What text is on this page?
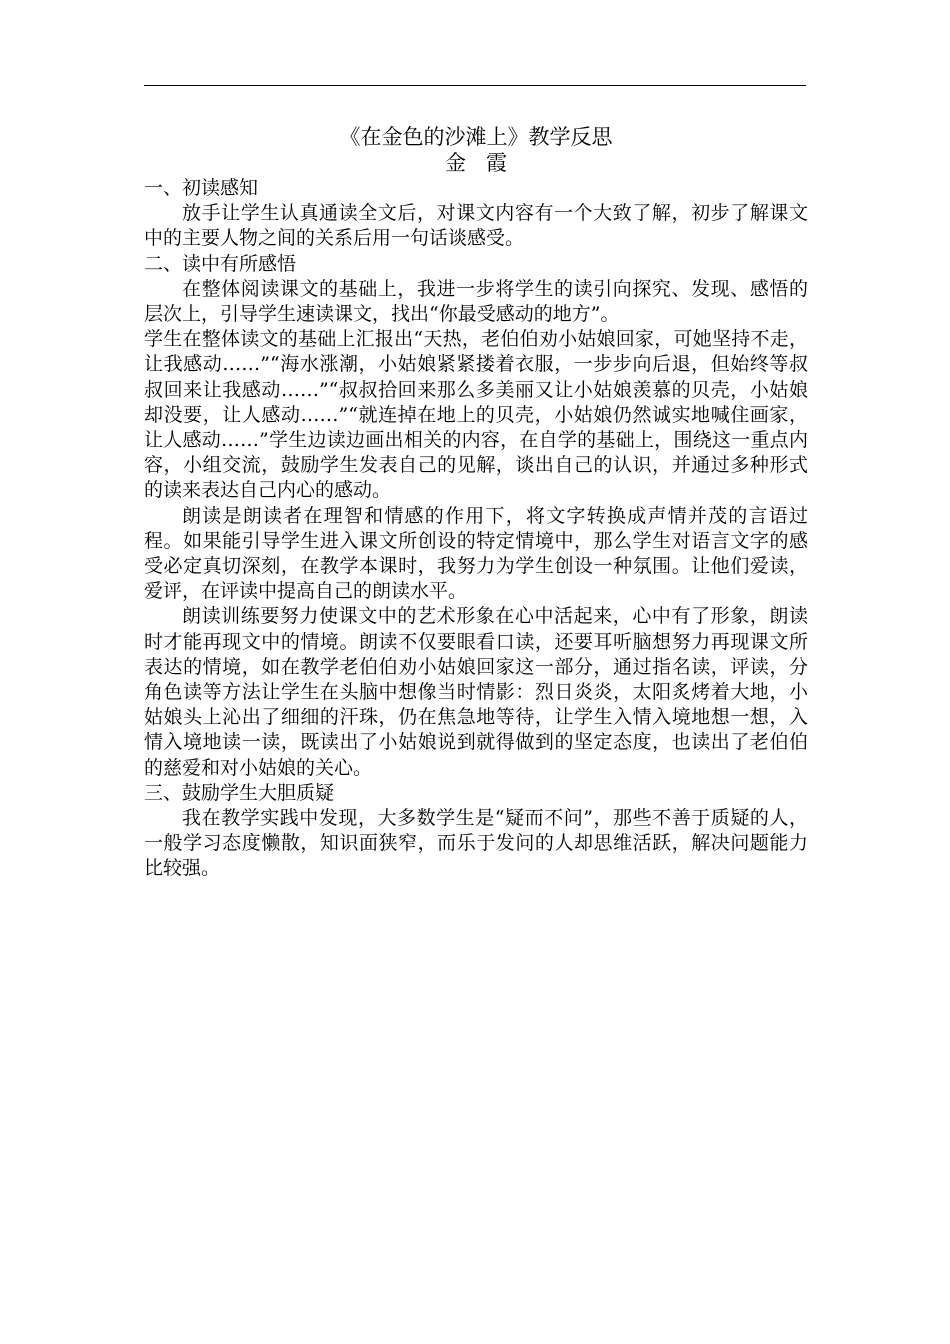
《在金色的沙滩上》教学反思

金霞

一、初读感知

放手让学生认真通读全文后，对课文内容有一个大致了解，初步了解课文中的主要人物之间的关系后用一句话谈感受。

二、读中有所感悟

在整体阅读课文的基础上，我进一步将学生的读引向探究、发现、感悟的层次上，引导学生速读课文，找出“你最受感动的地方”。

学生在整体读文的基础上汇报出“天热，老伯伯劝小姑娘回家，可她坚持不走，让我感动……”“海水涨潮，小姑娘紧紧搂着衣服，一步步向后退，但始终等叔叔回来让我感动……”“叔叔拾回来那么多美丽又让小姑娘羡慕的贝壳，小姑娘却没要，让人感动……”“就连掉在地上的贝壳，小姑娘仍然诚实地喊住画家，让人感动……”学生边读边画出相关的内容，在自学的基础上，围绕这一重点内容，小组交流，鼓励学生发表自己的见解，谈出自己的认识，并通过多种形式的读来表达自己内心的感动。

朗读是朗读者在理智和情感的作用下，将文字转换成声情并茂的言语过程。如果能引导学生进入课文所创设的特定情境中，那么学生对语言文字的感受必定真切深刻，在教学本课时，我努力为学生创设一种氛围。让他们爱读，爱评，在评读中提高自己的朗读水平。

朗读训练要努力使课文中的艺术形象在心中活起来，心中有了形象，朗读时才能再现文中的情境。朗读不仅要眼看口读，还要耳听脑想努力再现课文所表达的情境，如在教学老伯伯劝小姑娘回家这一部分，通过指名读，评读，分角色读等方法让学生在头脑中想像当时情影：烈日炎炎，太阳炙烤着大地，小姑娘头上沁出了细细的汗珠，仍在焦急地等待，让学生入情入境地想一想，入情入境地读一读，既读出了小姑娘说到就得做到的坚定态度，也读出了老伯伯的慈爱和对小姑娘的关心。

三、鼓励学生大胆质疑

我在教学实践中发现，大多数学生是“疑而不问”，那些不善于质疑的人，一般学习态度懒散，知识面狭窄，而乐于发问的人却思维活跃，解决问题能力比较强。
